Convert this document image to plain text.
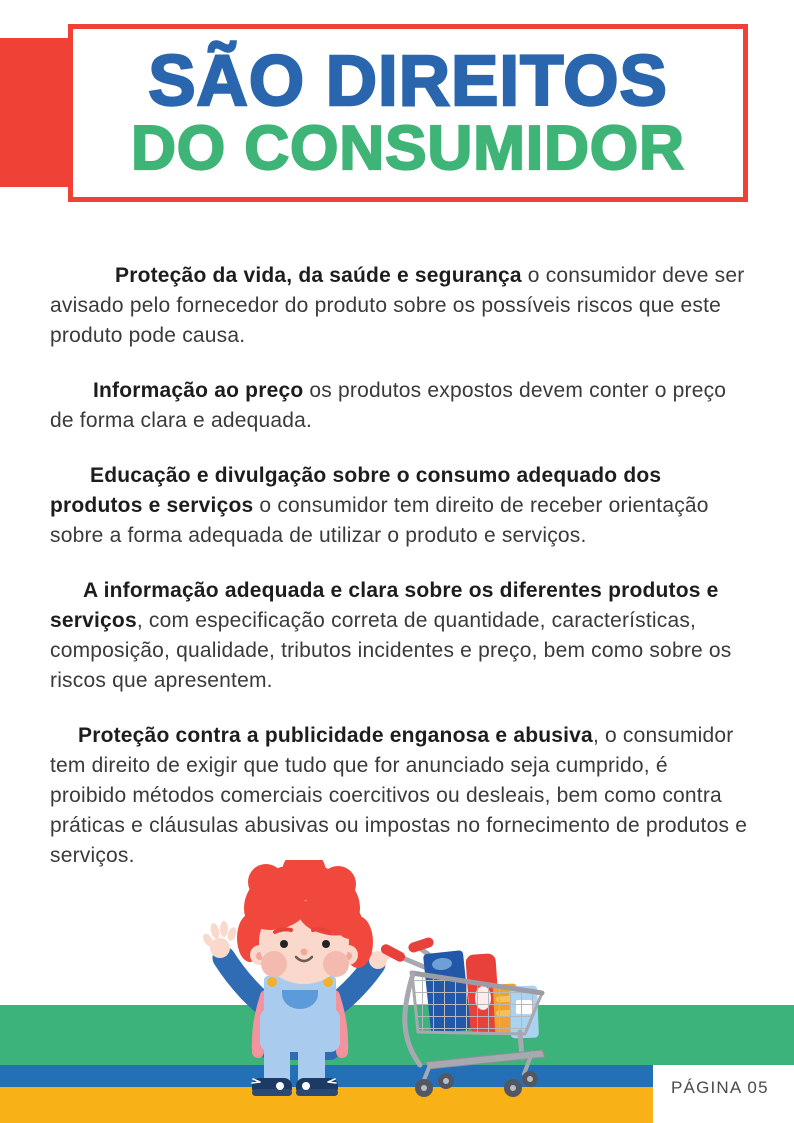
SÃO DIREITOS
DO CONSUMIDOR

Proteção da vida, da saúde e segurança o consumidor deve ser avisado pelo fornecedor do produto sobre os possíveis riscos que este produto pode causa.

Informação ao preço os produtos expostos devem conter o preço de forma clara e adequada.

Educação e divulgação sobre o consumo adequado dos produtos e serviços o consumidor tem direito de receber orientação sobre a forma adequada de utilizar o produto e serviços.

A informação adequada e clara sobre os diferentes produtos e serviços, com especificação correta de quantidade, características, composição, qualidade, tributos incidentes e preço, bem como sobre os riscos que apresentem.

Proteção contra a publicidade enganosa e abusiva, o consumidor tem direito de exigir que tudo que for anunciado seja cumprido, é proibido métodos comerciais coercitivos ou desleais, bem como contra práticas e cláusulas abusivas ou impostas no fornecimento de produtos e serviços.

PÁGINA 05
